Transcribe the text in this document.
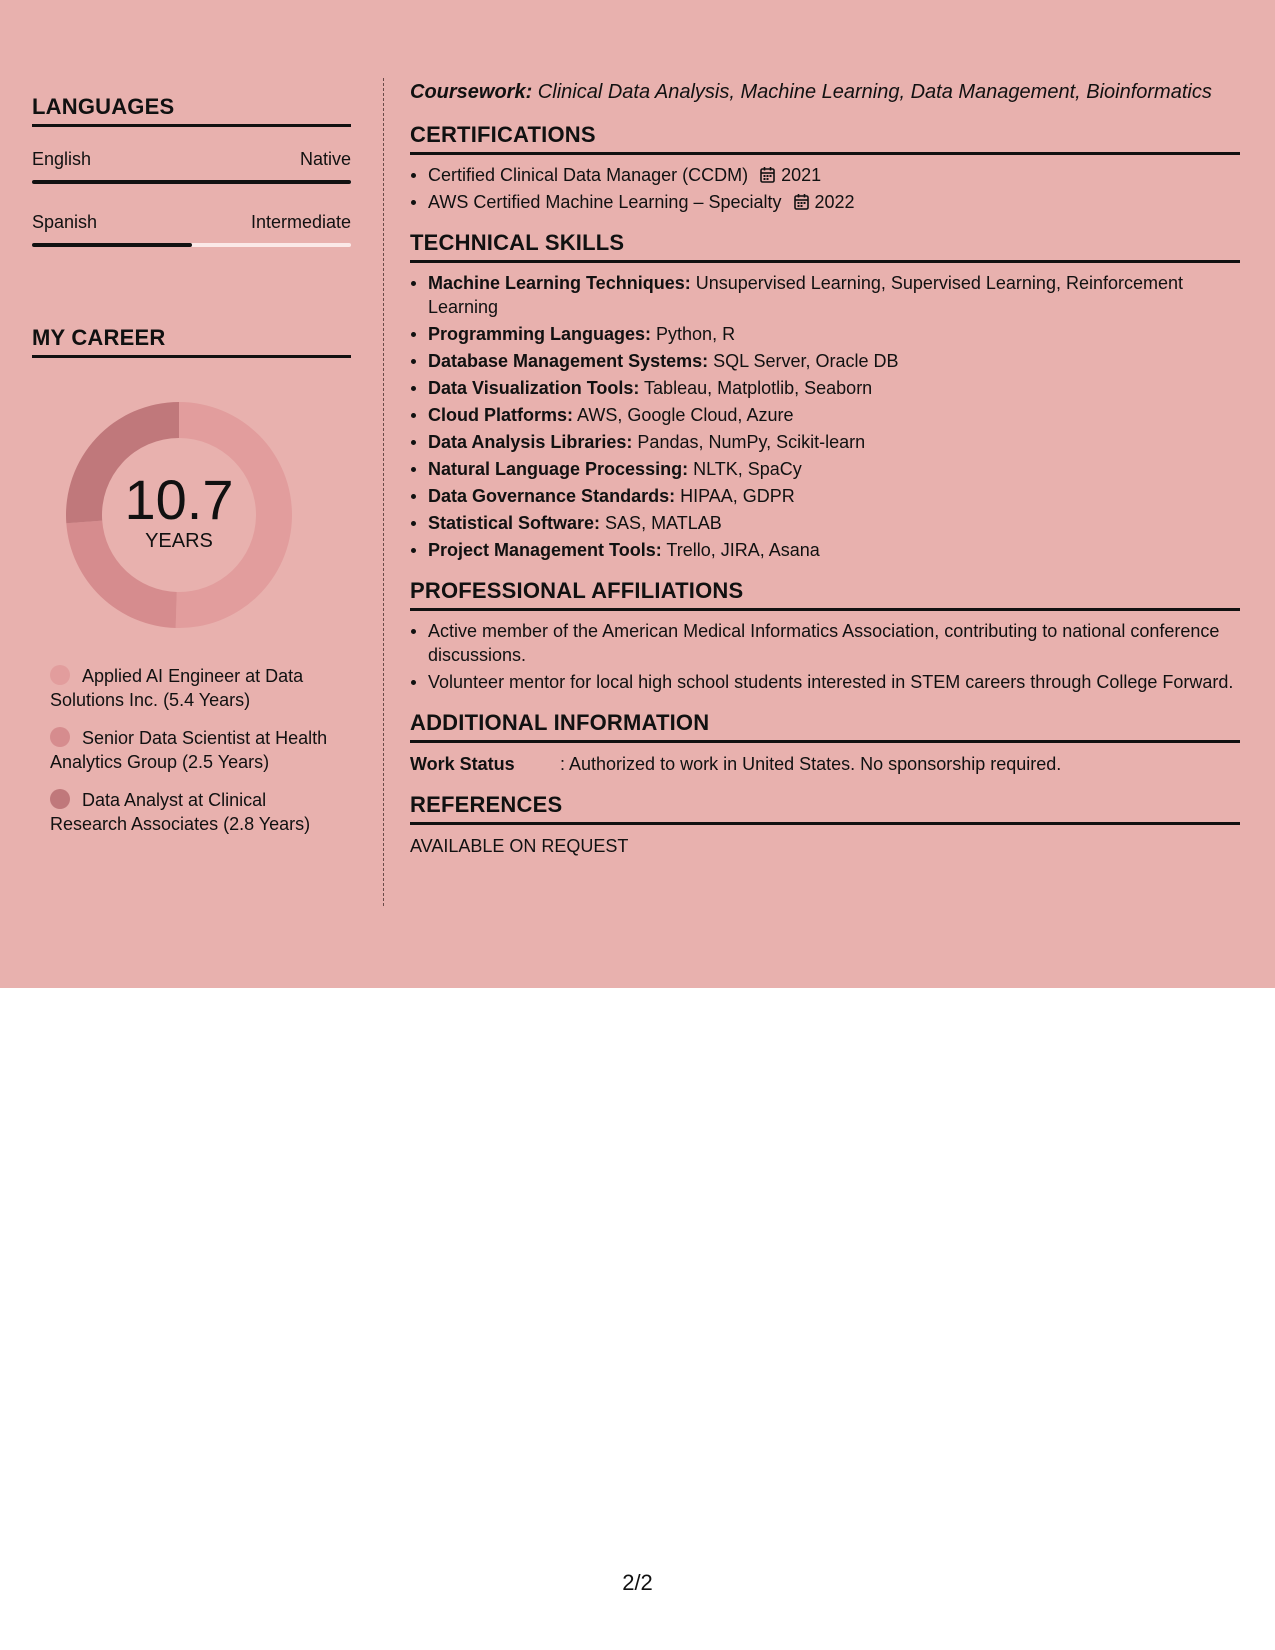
LANGUAGES
English	Native
Spanish	Intermediate
MY CAREER
10.7
YEARS
Applied AI Engineer at Data Solutions Inc. (5.4 Years)
Senior Data Scientist at Health Analytics Group (2.5 Years)
Data Analyst at Clinical Research Associates (2.8 Years)
Coursework: Clinical Data Analysis, Machine Learning, Data Management, Bioinformatics
CERTIFICATIONS
Certified Clinical Data Manager (CCDM) 2021
AWS Certified Machine Learning – Specialty 2022
TECHNICAL SKILLS
Machine Learning Techniques: Unsupervised Learning, Supervised Learning, Reinforcement Learning
Programming Languages: Python, R
Database Management Systems: SQL Server, Oracle DB
Data Visualization Tools: Tableau, Matplotlib, Seaborn
Cloud Platforms: AWS, Google Cloud, Azure
Data Analysis Libraries: Pandas, NumPy, Scikit-learn
Natural Language Processing: NLTK, SpaCy
Data Governance Standards: HIPAA, GDPR
Statistical Software: SAS, MATLAB
Project Management Tools: Trello, JIRA, Asana
PROFESSIONAL AFFILIATIONS
Active member of the American Medical Informatics Association, contributing to national conference discussions.
Volunteer mentor for local high school students interested in STEM careers through College Forward.
ADDITIONAL INFORMATION
Work Status	: Authorized to work in United States. No sponsorship required.
REFERENCES
AVAILABLE ON REQUEST
2/2
